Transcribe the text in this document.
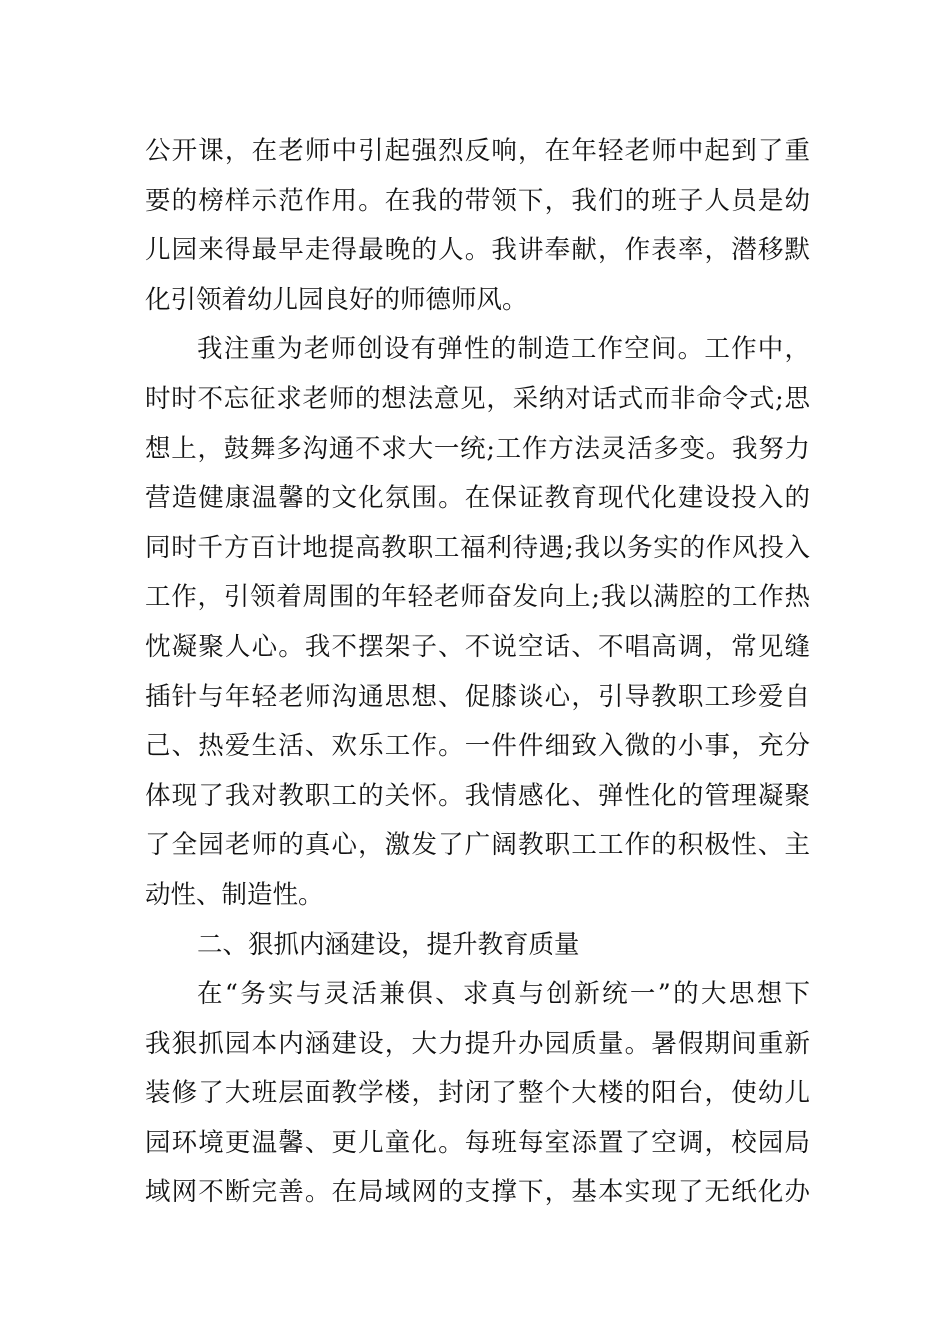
公开课，在老师中引起强烈反响，在年轻老师中起到了重
要的榜样示范作用。在我的带领下，我们的班子人员是幼
儿园来得最早走得最晚的人。我讲奉献，作表率，潜移默
化引领着幼儿园良好的师德师风。
我注重为老师创设有弹性的制造工作空间。工作中，
时时不忘征求老师的想法意见，采纳对话式而非命令式;思
想上，鼓舞多沟通不求大一统;工作方法灵活多变。我努力
营造健康温馨的文化氛围。在保证教育现代化建设投入的
同时千方百计地提高教职工福利待遇;我以务实的作风投入
工作，引领着周围的年轻老师奋发向上;我以满腔的工作热
忱凝聚人心。我不摆架子、不说空话、不唱高调，常见缝
插针与年轻老师沟通思想、促膝谈心，引导教职工珍爱自
己、热爱生活、欢乐工作。一件件细致入微的小事，充分
体现了我对教职工的关怀。我情感化、弹性化的管理凝聚
了全园老师的真心，激发了广阔教职工工作的积极性、主
动性、制造性。
二、狠抓内涵建设，提升教育质量
在“务实与灵活兼俱、求真与创新统一”的大思想下
我狠抓园本内涵建设，大力提升办园质量。暑假期间重新
装修了大班层面教学楼，封闭了整个大楼的阳台，使幼儿
园环境更温馨、更儿童化。每班每室添置了空调，校园局
域网不断完善。在局域网的支撑下，基本实现了无纸化办
